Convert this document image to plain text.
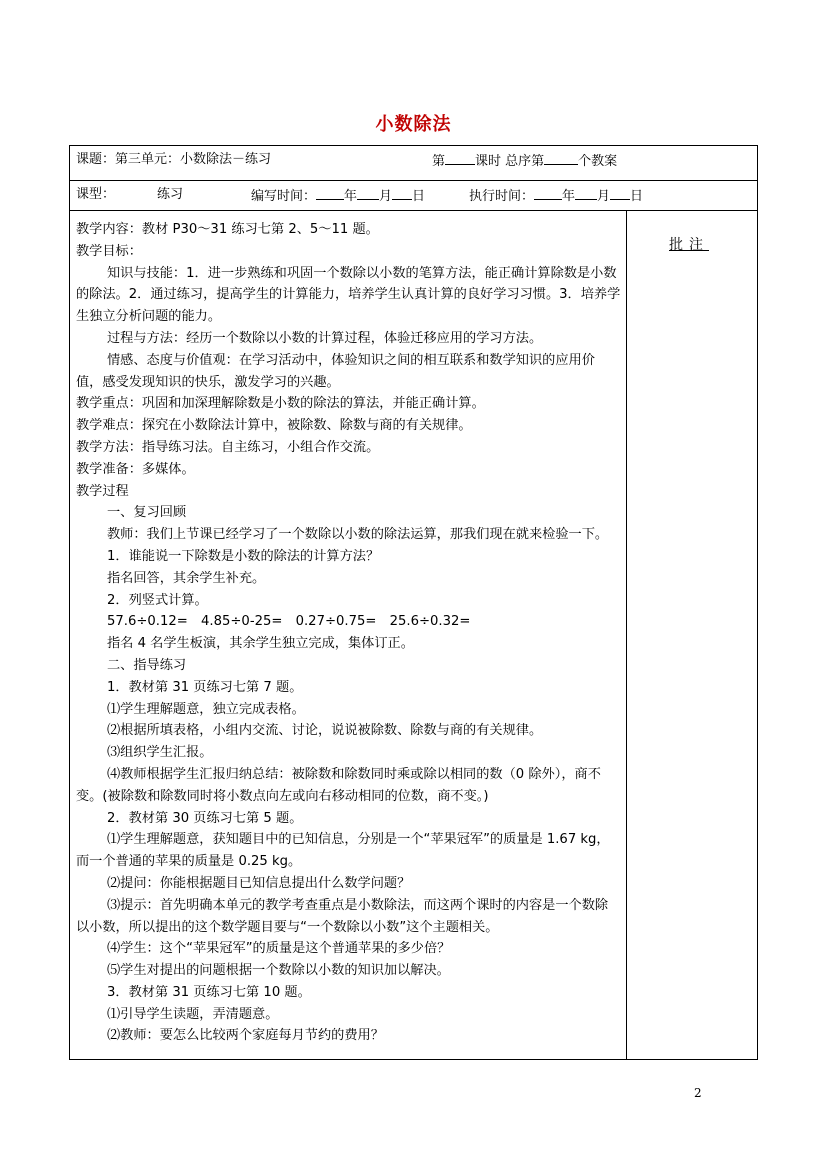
小数除法
课题：第三单元：小数除法－练习	第 课时 总序第	个教案
课型：	练习	编写时间： 年 月 日	执行时间： 年 月 日
批注

教学内容：教材 P30～31 练习七第 2、5～11 题。

教学目标：

知识与技能：1．进一步熟练和巩固一个数除以小数的笔算方法，能正确计算除数是小数的除法。2．通过练习，提高学生的计算能力，培养学生认真计算的良好学习习惯。3．培养学生独立分析问题的能力。

过程与方法：经历一个数除以小数的计算过程，体验迁移应用的学习方法。

情感、态度与价值观：在学习活动中，体验知识之间的相互联系和数学知识的应用价值，感受发现知识的快乐，激发学习的兴趣。

教学重点：巩固和加深理解除数是小数的除法的算法，并能正确计算。

教学难点：探究在小数除法计算中，被除数、除数与商的有关规律。

教学方法：指导练习法。自主练习，小组合作交流。

教学准备：多媒体。

教学过程

一、复习回顾

教师：我们上节课已经学习了一个数除以小数的除法运算，那我们现在就来检验一下。

1．谁能说一下除数是小数的除法的计算方法？

指名回答，其余学生补充。

2．列竖式计算。

57.6÷0.12=　4.85÷0-25=　0.27÷0.75=　25.6÷0.32=

指名 4 名学生板演，其余学生独立完成，集体订正。

二、指导练习

1．教材第 31 页练习七第 7 题。

⑴学生理解题意，独立完成表格。

⑵根据所填表格，小组内交流、讨论，说说被除数、除数与商的有关规律。

⑶组织学生汇报。

⑷教师根据学生汇报归纳总结：被除数和除数同时乘或除以相同的数（0 除外），商不变。(被除数和除数同时将小数点向左或向右移动相同的位数，商不变。)

2．教材第 30 页练习七第 5 题。

⑴学生理解题意，获知题目中的已知信息，分别是一个“苹果冠军”的质量是 1.67 kg，而一个普通的苹果的质量是 0.25 kg。

⑵提问：你能根据题目已知信息提出什么数学问题？

⑶提示：首先明确本单元的教学考查重点是小数除法，而这两个课时的内容是一个数除以小数，所以提出的这个数学题目要与“一个数除以小数”这个主题相关。

⑷学生：这个“苹果冠军”的质量是这个普通苹果的多少倍？

⑸学生对提出的问题根据一个数除以小数的知识加以解决。

3．教材第 31 页练习七第 10 题。

⑴引导学生读题，弄清题意。

⑵教师：要怎么比较两个家庭每月节约的费用？

2
